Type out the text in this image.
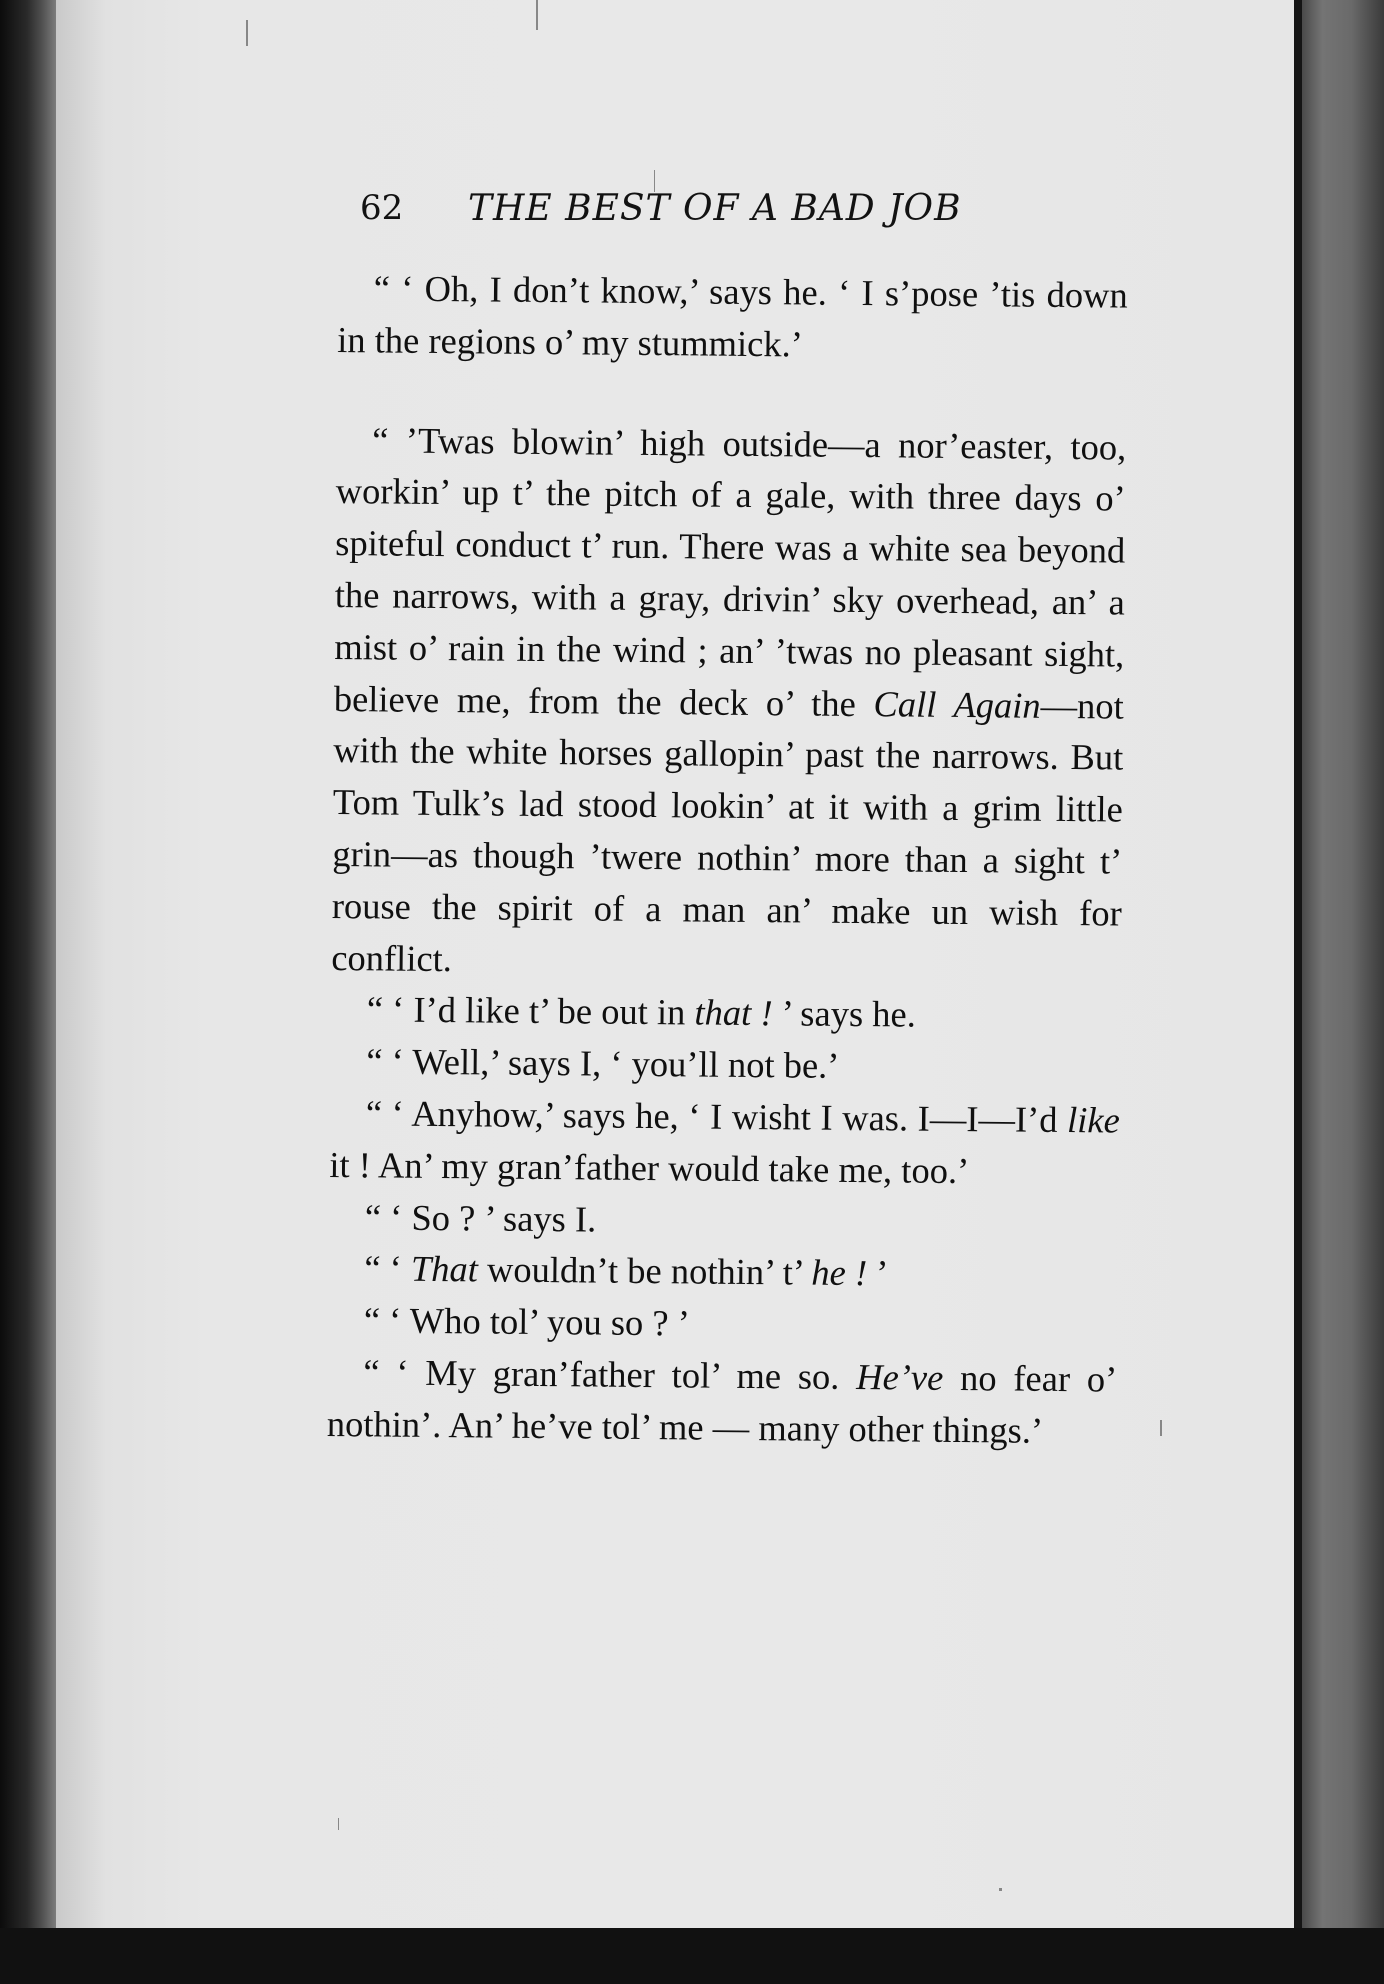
62 THE BEST OF A BAD JOB

“ ‘ Oh, I don’t know,’ says he. ‘ I s’pose ’tis down in the regions o’ my stummick.’

“ ’Twas blowin’ high outside—a nor’easter, too, workin’ up t’ the pitch of a gale, with three days o’ spiteful conduct t’ run. There was a white sea beyond the narrows, with a gray, drivin’ sky overhead, an’ a mist o’ rain in the wind ; an’ ’twas no pleasant sight, believe me, from the deck o’ the Call Again—not with the white horses gallopin’ past the narrows. But Tom Tulk’s lad stood lookin’ at it with a grim little grin—as though ’twere nothin’ more than a sight t’ rouse the spirit of a man an’ make un wish for conflict.

“ ‘ I’d like t’ be out in that ! ’ says he.

“ ‘ Well,’ says I, ‘ you’ll not be.’

“ ‘ Anyhow,’ says he, ‘ I wisht I was. I—I—I’d like it ! An’ my gran’father would take me, too.’

“ ‘ So ? ’ says I.

“ ‘ That wouldn’t be nothin’ t’ he ! ’

“ ‘ Who tol’ you so ? ’

“ ‘ My gran’father tol’ me so. He’ve no fear o’ nothin’. An’ he’ve tol’ me — many other things.’
